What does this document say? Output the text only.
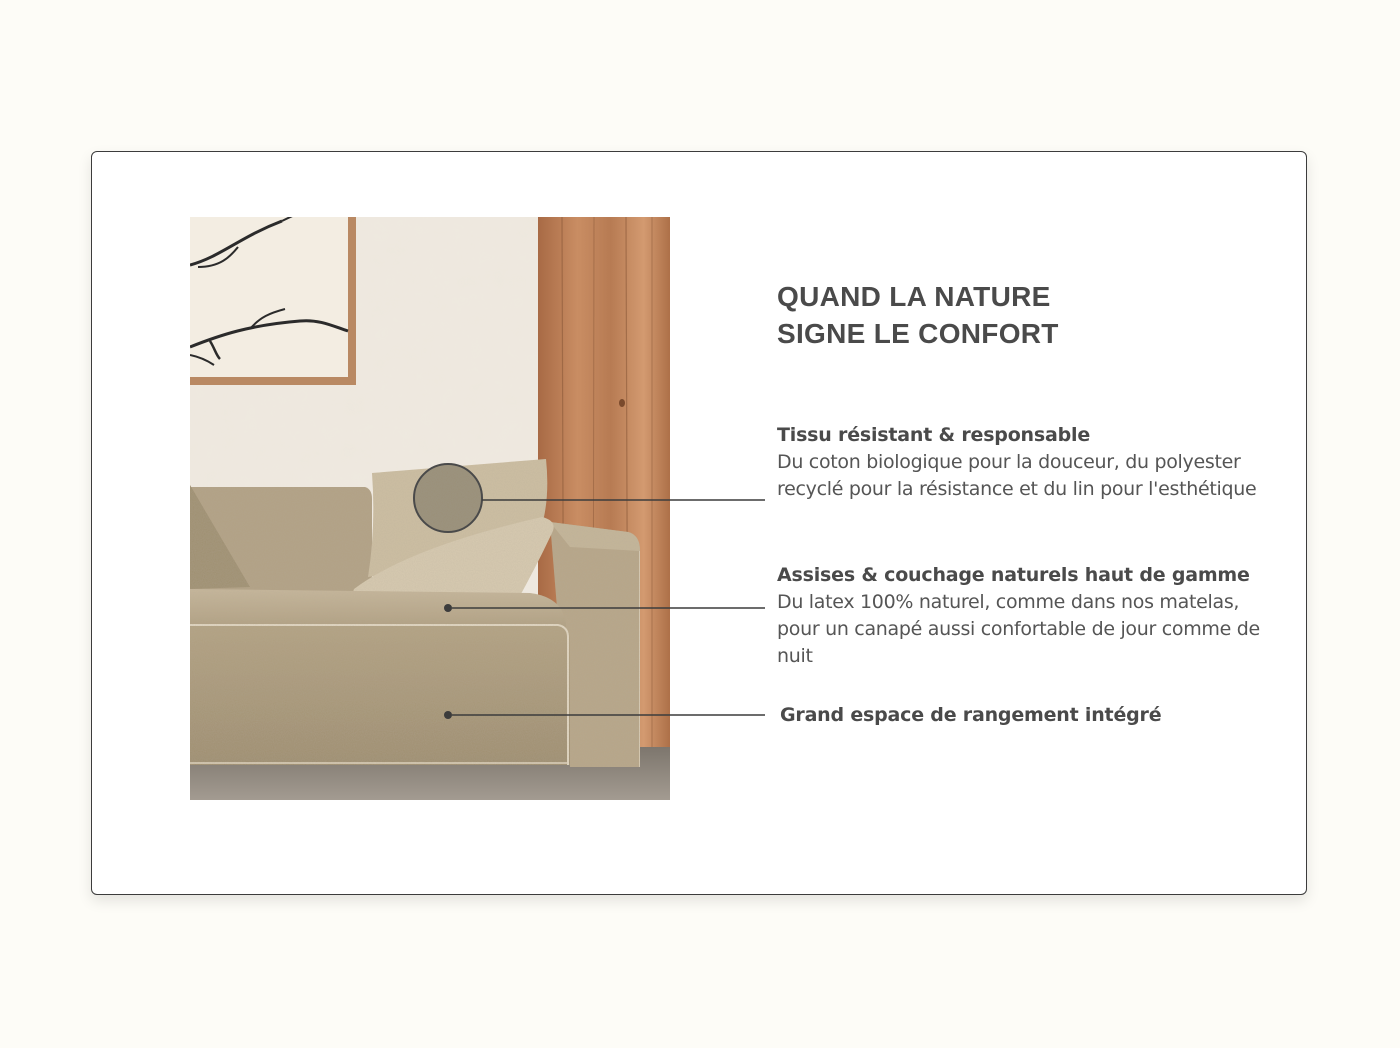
QUAND LA NATURE
SIGNE LE CONFORT
Tissu résistant & responsable
Du coton biologique pour la douceur, du polyester recyclé pour la résistance et du lin pour l'esthétique
Assises & couchage naturels haut de gamme
Du latex 100% naturel, comme dans nos matelas, pour un canapé aussi confortable de jour comme de nuit
Grand espace de rangement intégré
